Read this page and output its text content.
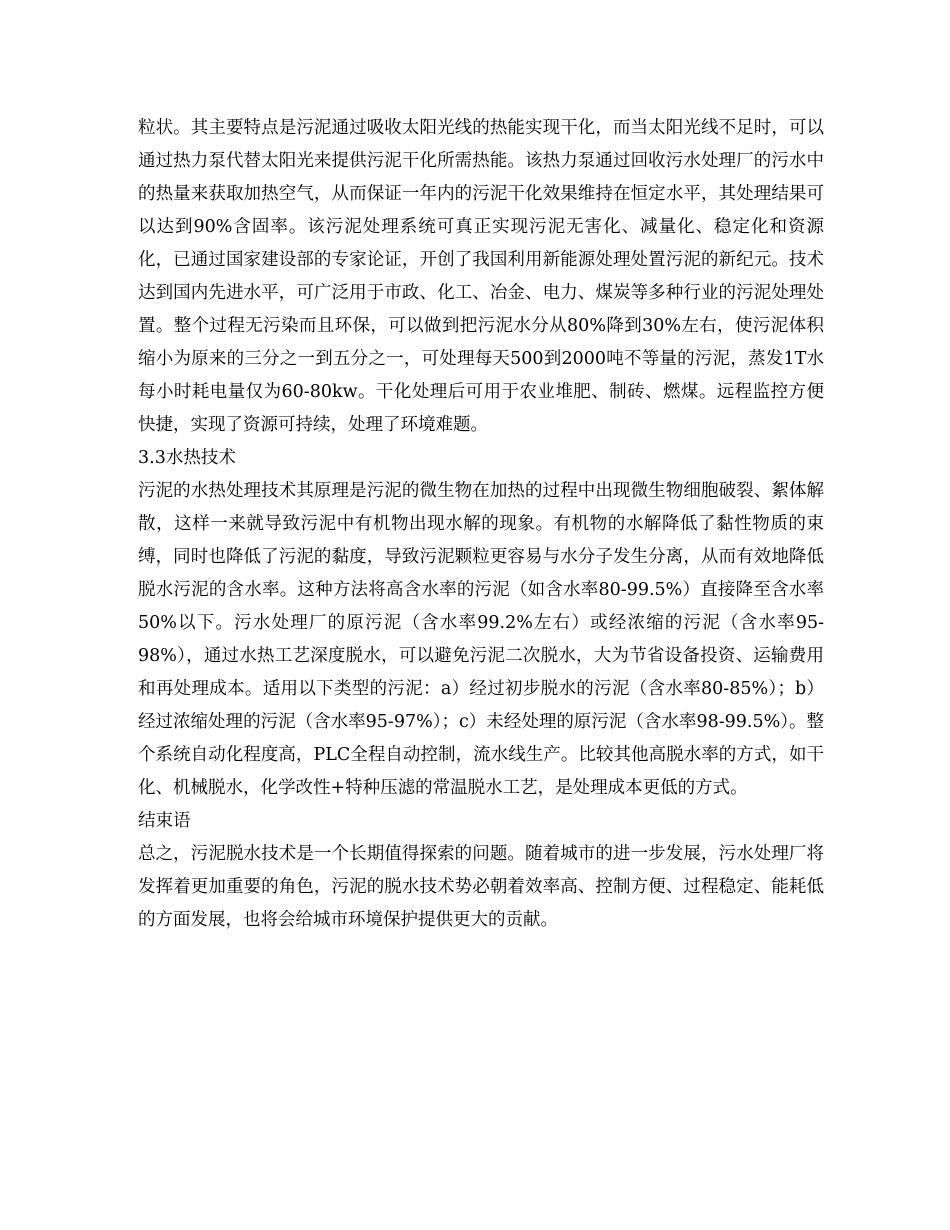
粒状。其主要特点是污泥通过吸收太阳光线的热能实现干化，而当太阳光线不足时，可以通过热力泵代替太阳光来提供污泥干化所需热能。该热力泵通过回收污水处理厂的污水中的热量来获取加热空气，从而保证一年内的污泥干化效果维持在恒定水平，其处理结果可以达到90%含固率。该污泥处理系统可真正实现污泥无害化、减量化、稳定化和资源化，已通过国家建设部的专家论证，开创了我国利用新能源处理处置污泥的新纪元。技术达到国内先进水平，可广泛用于市政、化工、冶金、电力、煤炭等多种行业的污泥处理处置。整个过程无污染而且环保，可以做到把污泥水分从80%降到30%左右，使污泥体积缩小为原来的三分之一到五分之一，可处理每天500到2000吨不等量的污泥，蒸发1T水每小时耗电量仅为60-80kw。干化处理后可用于农业堆肥、制砖、燃煤。远程监控方便快捷，实现了资源可持续，处理了环境难题。

3.3水热技术

污泥的水热处理技术其原理是污泥的微生物在加热的过程中出现微生物细胞破裂、絮体解散，这样一来就导致污泥中有机物出现水解的现象。有机物的水解降低了黏性物质的束缚，同时也降低了污泥的黏度，导致污泥颗粒更容易与水分子发生分离，从而有效地降低脱水污泥的含水率。这种方法将高含水率的污泥（如含水率80-99.5%）直接降至含水率50%以下。污水处理厂的原污泥（含水率99.2%左右）或经浓缩的污泥（含水率95-98%），通过水热工艺深度脱水，可以避免污泥二次脱水，大为节省设备投资、运输费用和再处理成本。适用以下类型的污泥：a）经过初步脱水的污泥（含水率80-85%）；b）经过浓缩处理的污泥（含水率95-97%）；c）未经处理的原污泥（含水率98-99.5%）。整个系统自动化程度高，PLC全程自动控制，流水线生产。比较其他高脱水率的方式，如干化、机械脱水，化学改性+特种压滤的常温脱水工艺，是处理成本更低的方式。

结束语

总之，污泥脱水技术是一个长期值得探索的问题。随着城市的进一步发展，污水处理厂将发挥着更加重要的角色，污泥的脱水技术势必朝着效率高、控制方便、过程稳定、能耗低的方面发展，也将会给城市环境保护提供更大的贡献。
